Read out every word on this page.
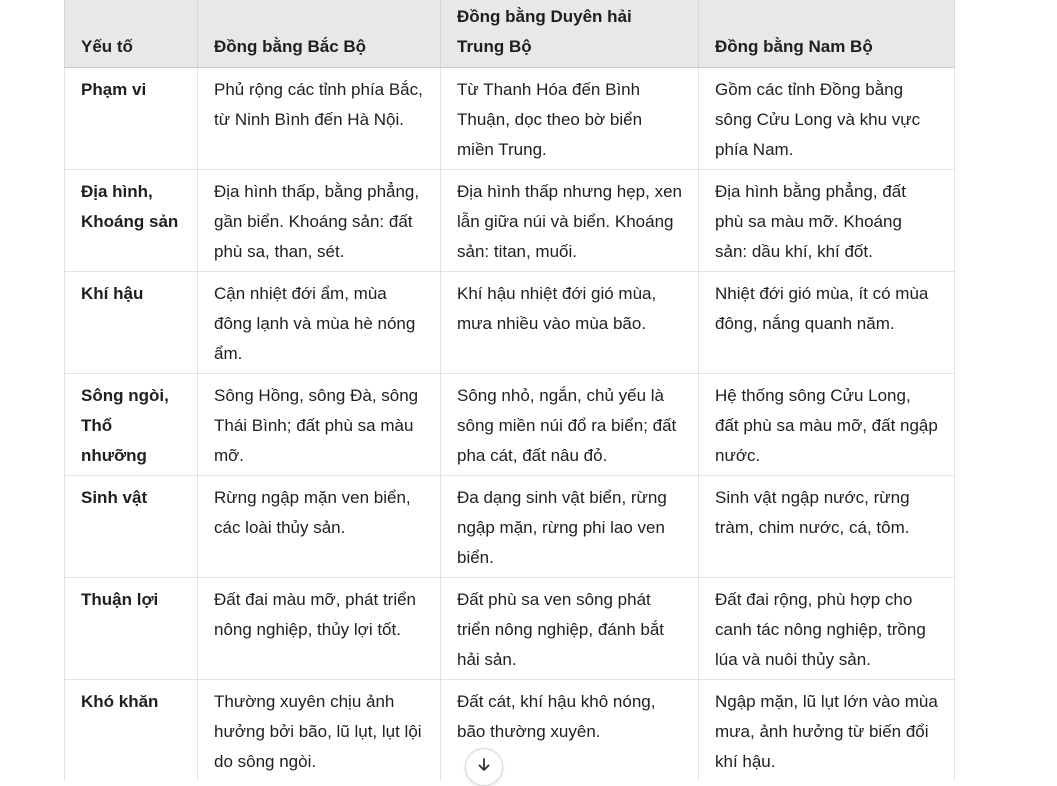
Yếu tố	Đồng bằng Bắc Bộ	Đồng bằng Duyên hải Trung Bộ	Đồng bằng Nam Bộ
Phạm vi	Phủ rộng các tỉnh phía Bắc, từ Ninh Bình đến Hà Nội.	Từ Thanh Hóa đến Bình Thuận, dọc theo bờ biển miền Trung.	Gồm các tỉnh Đồng bằng sông Cửu Long và khu vực phía Nam.
Địa hình, Khoáng sản	Địa hình thấp, bằng phẳng, gần biển. Khoáng sản: đất phù sa, than, sét.	Địa hình thấp nhưng hẹp, xen lẫn giữa núi và biển. Khoáng sản: titan, muối.	Địa hình bằng phẳng, đất phù sa màu mỡ. Khoáng sản: dầu khí, khí đốt.
Khí hậu	Cận nhiệt đới ẩm, mùa đông lạnh và mùa hè nóng ẩm.	Khí hậu nhiệt đới gió mùa, mưa nhiều vào mùa bão.	Nhiệt đới gió mùa, ít có mùa đông, nắng quanh năm.
Sông ngòi, Thổ nhưỡng	Sông Hồng, sông Đà, sông Thái Bình; đất phù sa màu mỡ.	Sông nhỏ, ngắn, chủ yếu là sông miền núi đổ ra biển; đất pha cát, đất nâu đỏ.	Hệ thống sông Cửu Long, đất phù sa màu mỡ, đất ngập nước.
Sinh vật	Rừng ngập mặn ven biển, các loài thủy sản.	Đa dạng sinh vật biển, rừng ngập mặn, rừng phi lao ven biển.	Sinh vật ngập nước, rừng tràm, chim nước, cá, tôm.
Thuận lợi	Đất đai màu mỡ, phát triển nông nghiệp, thủy lợi tốt.	Đất phù sa ven sông phát triển nông nghiệp, đánh bắt hải sản.	Đất đai rộng, phù hợp cho canh tác nông nghiệp, trồng lúa và nuôi thủy sản.
Khó khăn	Thường xuyên chịu ảnh hưởng bởi bão, lũ lụt, lụt lội do sông ngòi.	Đất cát, khí hậu khô nóng, bão thường xuyên.	Ngập mặn, lũ lụt lớn vào mùa mưa, ảnh hưởng từ biến đổi khí hậu.
